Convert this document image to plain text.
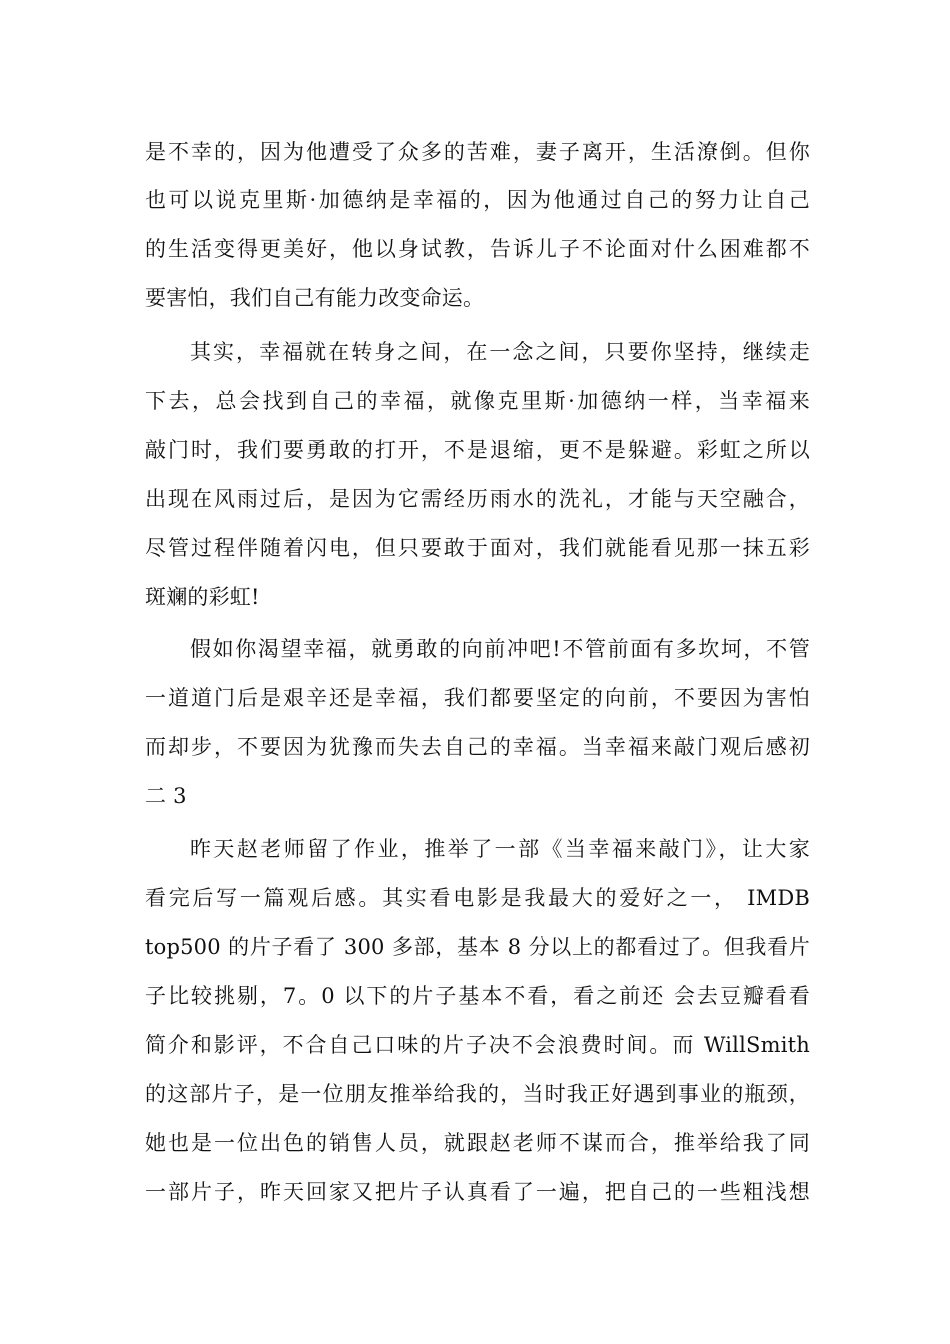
是不幸的，因为他遭受了众多的苦难，妻子离开，生活潦倒。但你

也可以说克里斯·加德纳是幸福的，因为他通过自己的努力让自己

的生活变得更美好，他以身试教，告诉儿子不论面对什么困难都不

要害怕，我们自己有能力改变命运。

其实，幸福就在转身之间，在一念之间，只要你坚持，继续走

下去，总会找到自己的幸福，就像克里斯·加德纳一样，当幸福来

敲门时，我们要勇敢的打开，不是退缩，更不是躲避。彩虹之所以

出现在风雨过后，是因为它需经历雨水的洗礼，才能与天空融合，

尽管过程伴随着闪电，但只要敢于面对，我们就能看见那一抹五彩

斑斓的彩虹!

假如你渴望幸福，就勇敢的向前冲吧!不管前面有多坎坷，不管

一道道门后是艰辛还是幸福，我们都要坚定的向前，不要因为害怕

而却步，不要因为犹豫而失去自己的幸福。当幸福来敲门观后感初

二 3

昨天赵老师留了作业，推举了一部《当幸福来敲门》，让大家

看完后写一篇观后感。其实看电影是我最大的爱好之一， IMDB

top500 的片子看了 300 多部，基本 8 分以上的都看过了。但我看片

子比较挑剔，7。0 以下的片子基本不看，看之前还 会去豆瓣看看

简介和影评，不合自己口味的片子决不会浪费时间。而 WillSmith

的这部片子，是一位朋友推举给我的，当时我正好遇到事业的瓶颈，

她也是一位出色的销售人员，就跟赵老师不谋而合，推举给我了同

一部片子，昨天回家又把片子认真看了一遍，把自己的一些粗浅想
